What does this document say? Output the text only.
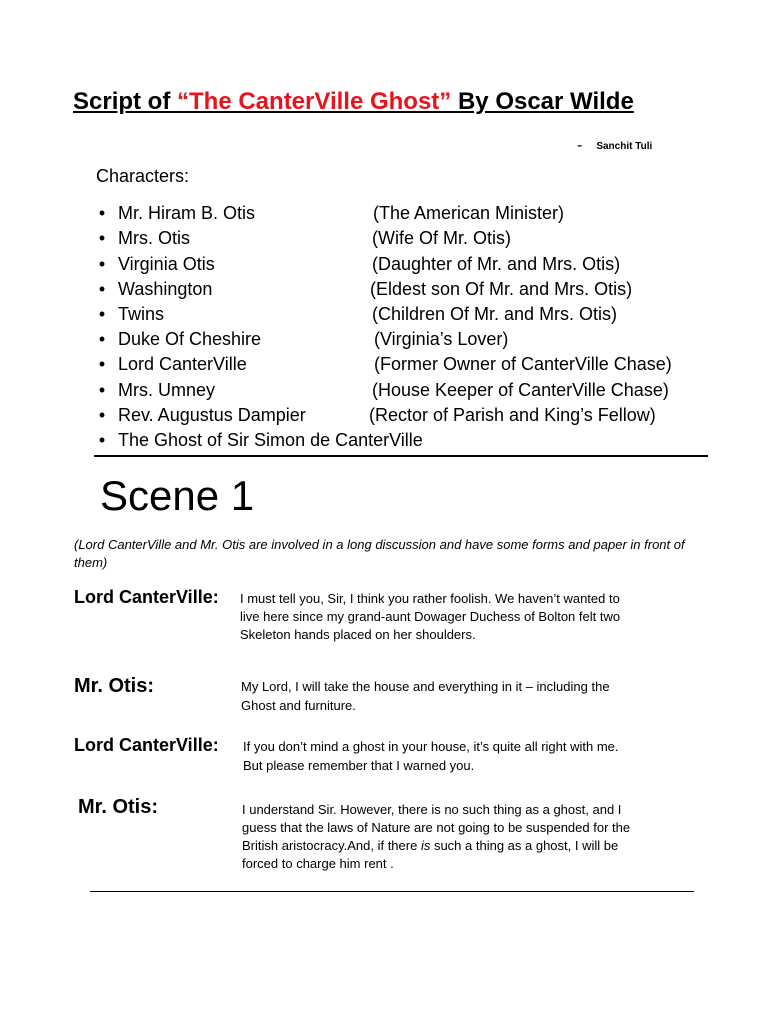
Script of “The CanterVille Ghost” By Oscar Wilde
- Sanchit Tuli
Characters:
• Mr. Hiram B. Otis	(The American Minister)
• Mrs. Otis	(Wife Of Mr. Otis)
• Virginia Otis	(Daughter of Mr. and Mrs. Otis)
• Washington	(Eldest son Of Mr. and Mrs. Otis)
• Twins	(Children Of Mr. and Mrs. Otis)
• Duke Of Cheshire	(Virginia’s Lover)
• Lord CanterVille	(Former Owner of CanterVille Chase)
• Mrs. Umney	(House Keeper of CanterVille Chase)
• Rev. Augustus Dampier	(Rector of Parish and King’s Fellow)
• The Ghost of Sir Simon de CanterVille
Scene 1
(Lord CanterVille and Mr. Otis are involved in a long discussion and have some forms and paper in front of them)
Lord CanterVille: I must tell you, Sir, I think you rather foolish. We haven’t wanted to
live here since my grand-aunt Dowager Duchess of Bolton felt two
Skeleton hands placed on her shoulders.
Mr. Otis:	My Lord, I will take the house and everything in it – including the
Ghost and furniture.
Lord CanterVille: If you don’t mind a ghost in your house, it’s quite all right with me.
But please remember that I warned you.
Mr. Otis:	I understand Sir. However, there is no such thing as a ghost, and I
guess that the laws of Nature are not going to be suspended for the
British aristocracy.And, if there is such a thing as a ghost, I will be
forced to charge him rent .
